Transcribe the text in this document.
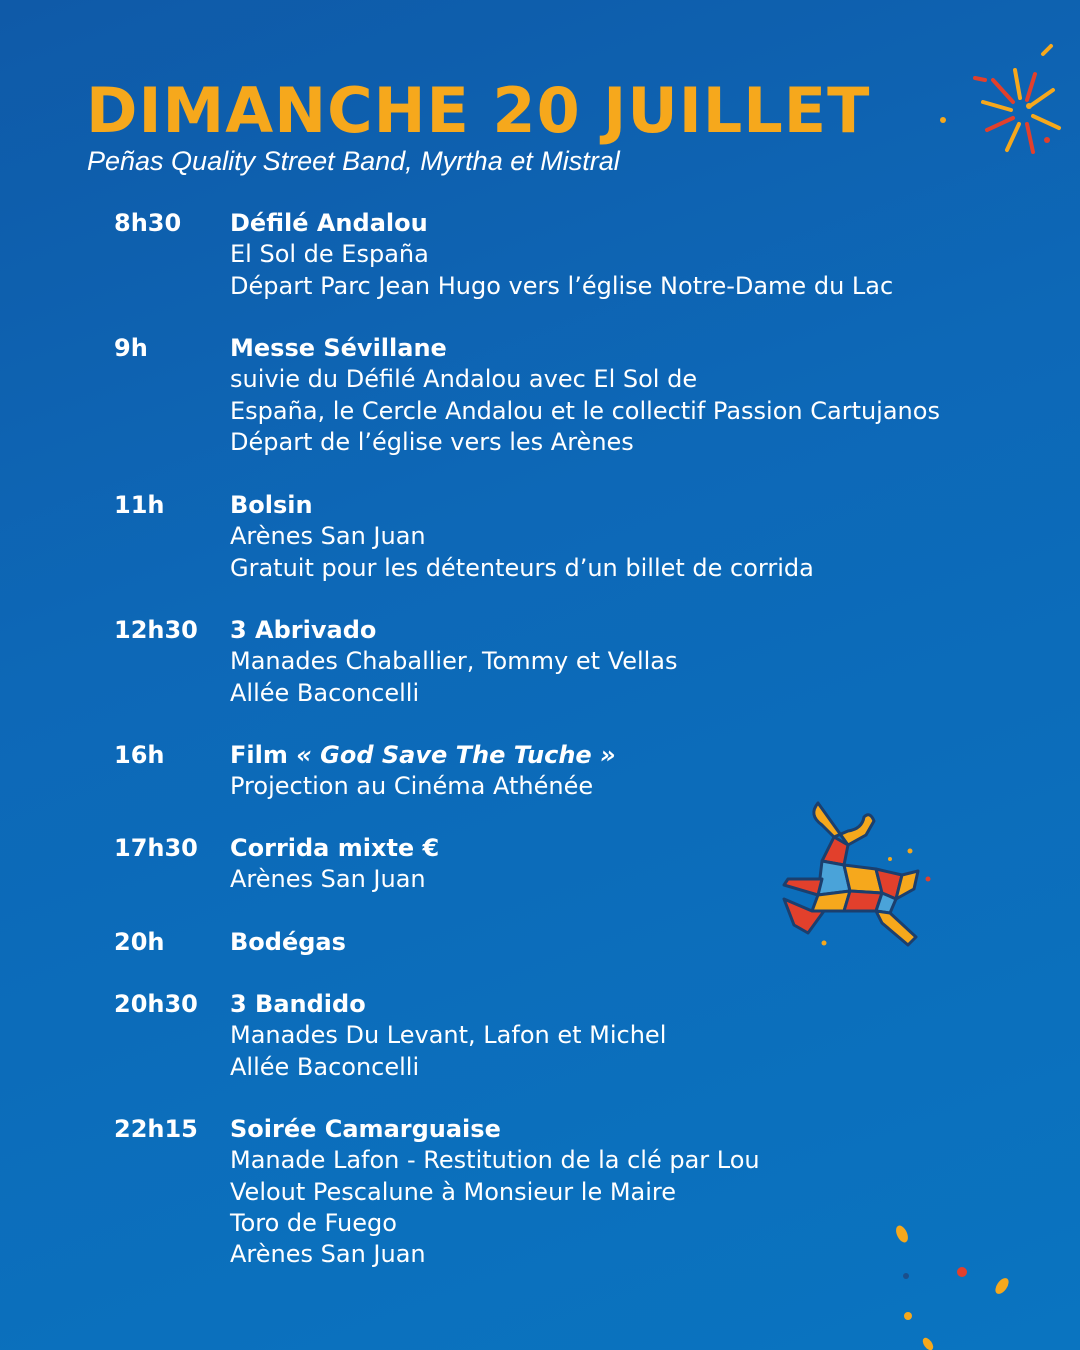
DIMANCHE 20 JUILLET

Peñas Quality Street Band, Myrtha et Mistral

8h30	Défilé Andalou
El Sol de España
Départ Parc Jean Hugo vers l’église Notre-Dame du Lac
9h	Messe Sévillane
suivie du Défilé Andalou avec El Sol de
España, le Cercle Andalou et le collectif Passion Cartujanos
Départ de l’église vers les Arènes
11h	Bolsin
Arènes San Juan
Gratuit pour les détenteurs d’un billet de corrida
12h30	3 Abrivado
Manades Chaballier, Tommy et Vellas
Allée Baconcelli
16h	Film « God Save The Tuche »
Projection au Cinéma Athénée
17h30	Corrida mixte €
Arènes San Juan
20h	Bodégas
20h30	3 Bandido
Manades Du Levant, Lafon et Michel
Allée Baconcelli
22h15	Soirée Camarguaise
Manade Lafon - Restitution de la clé par Lou
Velout Pescalune à Monsieur le Maire
Toro de Fuego
Arènes San Juan
